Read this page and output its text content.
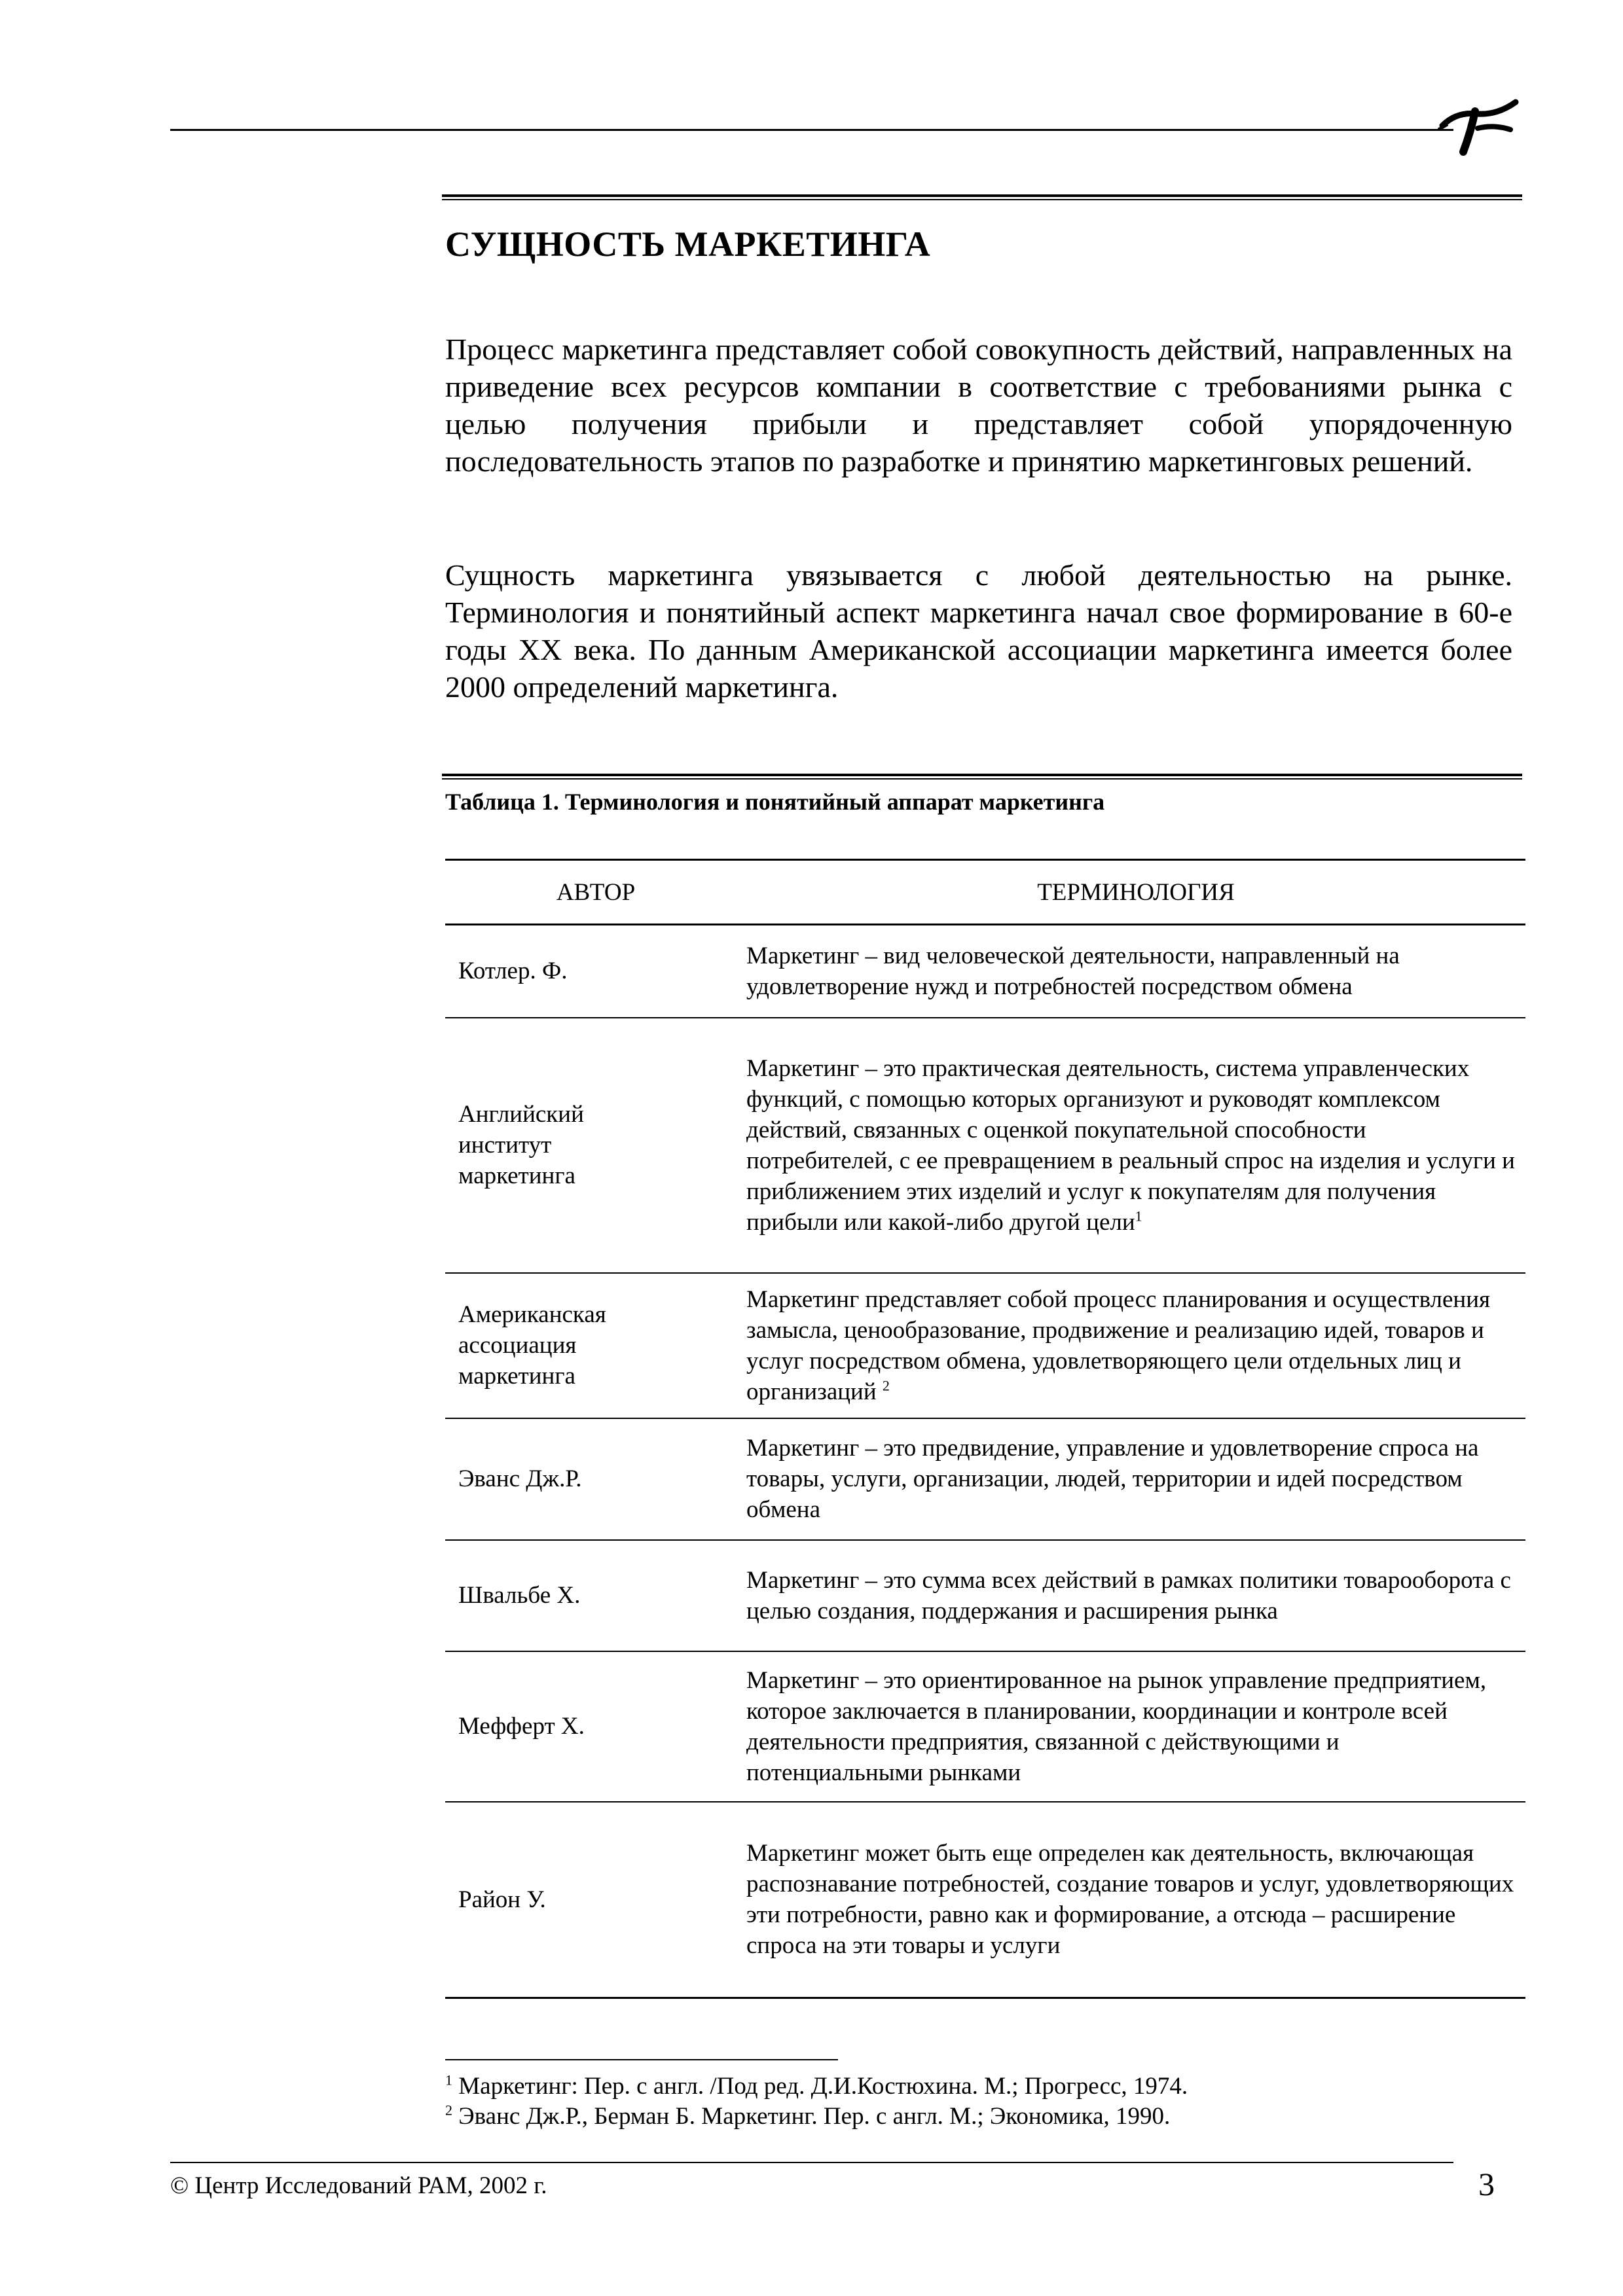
СУЩНОСТЬ МАРКЕТИНГА
Процесс маркетинга представляет собой совокупность действий, направленных на приведение всех ресурсов компании в соответствие с требованиями рынка с целью получения прибыли и представляет собой упорядоченную последовательность этапов по разработке и принятию маркетинговых решений.
Сущность маркетинга увязывается с любой деятельностью на рынке. Терминология и понятийный аспект маркетинга начал свое формирование в 60-е годы XX века. По данным Американской ассоциации маркетинга имеется более 2000 определений маркетинга.
Таблица 1. Терминология и понятийный аппарат маркетинга
АВТОР	ТЕРМИНОЛОГИЯ
Котлер. Ф.	Маркетинг – вид человеческой деятельности, направленный на удовлетворение нужд и потребностей посредством обмена

Английский институт маркетинга	Маркетинг – это практическая деятельность, система управленческих функций, с помощью которых организуют и руководят комплексом действий, связанных с оценкой покупательной способности потребителей, с ее превращением в реальный спрос на изделия и услуги и приближением этих изделий и услуг к покупателям для получения прибыли или какой-либо другой цели$^1$

Американская ассоциация маркетинга	Маркетинг представляет собой процесс планирования и осуществления замысла, ценообразование, продвижение и реализацию идей, товаров и услуг посредством обмена, удовлетворяющего цели отдельных лиц и организаций $^2$
Эванс Дж.Р.	Маркетинг – это предвидение, управление и удовлетворение спроса на товары, услуги, организации, людей, территории и идей посредством обмена
Швальбе Х.	Маркетинг – это сумма всех действий в рамках политики товарооборота с целью создания, поддержания и расширения рынка
Мефферт Х.	Маркетинг – это ориентированное на рынок управление предприятием, которое заключается в планировании, координации и контроле всей деятельности предприятия, связанной с действующими и потенциальными рынками
Район У.	Маркетинг может быть еще определен как деятельность, включающая распознавание потребностей, создание товаров и услуг, удовлетворяющих эти потребности, равно как и формирование, а отсюда – расширение спроса на эти товары и услуги
$^1$ Маркетинг: Пер. с англ. /Под ред. Д.И.Костюхина. М.; Прогресс, 1974.
$^2$ Эванс Дж.Р., Берман Б. Маркетинг. Пер. с англ. М.; Экономика, 1990.
© Центр Исследований РАМ, 2002 г.	3
